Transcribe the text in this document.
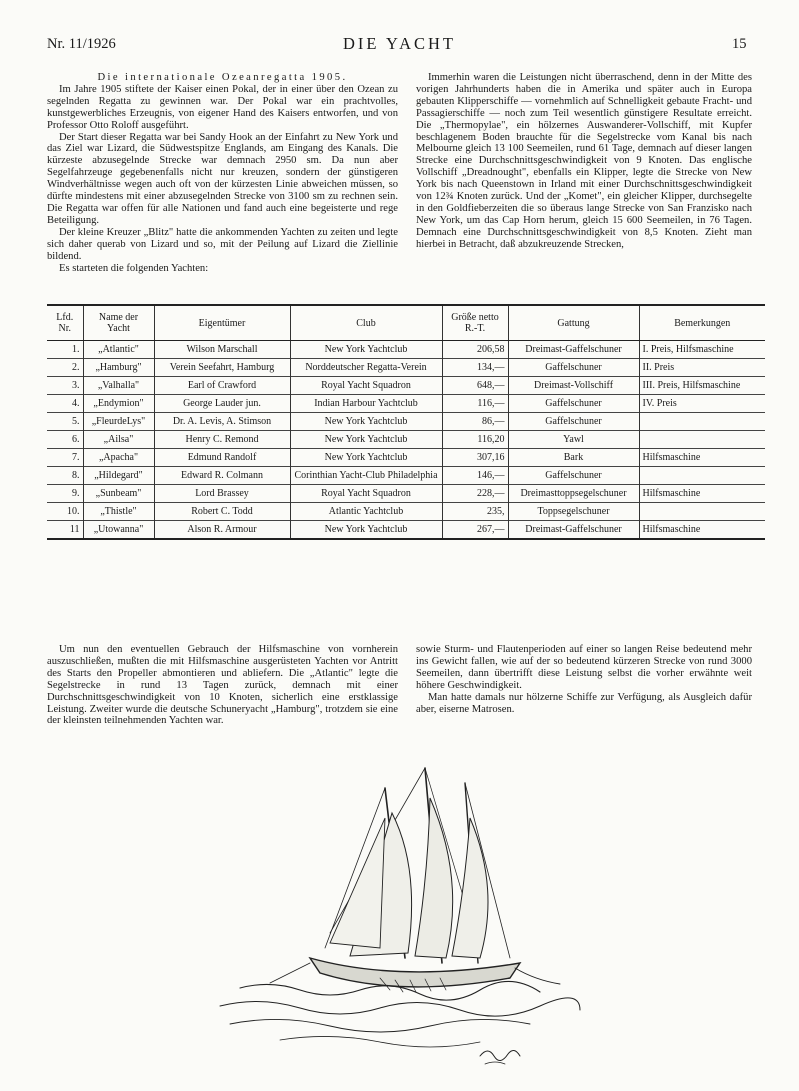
Nr. 11/1926	DIE YACHT	15
Die internationale Ozeanregatta 1905.

Im Jahre 1905 stiftete der Kaiser einen Pokal, der in einer über den Ozean zu segelnden Regatta zu gewinnen war. Der Pokal war ein prachtvolles, kunstgewerbliches Erzeugnis, von eigener Hand des Kaisers entworfen, und von Professor Otto Roloff ausgeführt.

Der Start dieser Regatta war bei Sandy Hook an der Einfahrt zu New York und das Ziel war Lizard, die Südwestspitze Englands, am Eingang des Kanals. Die kürzeste abzusegelnde Strecke war demnach 2950 sm. Da nun aber Segelfahrzeuge gegebenenfalls nicht nur kreuzen, sondern der günstigeren Windverhältnisse wegen auch oft von der kürzesten Linie abweichen müssen, so dürfte mindestens mit einer abzusegelnden Strecke von 3100 sm zu rechnen sein. Die Regatta war offen für alle Nationen und fand auch eine begeisterte und rege Beteiligung.

Der kleine Kreuzer „Blitz" hatte die ankommenden Yachten zu zeiten und legte sich daher querab von Lizard und so, mit der Peilung auf Lizard die Ziellinie bildend.

Es starteten die folgenden Yachten:

Immerhin waren die Leistungen nicht überraschend, denn in der Mitte des vorigen Jahrhunderts haben die in Amerika und später auch in Europa gebauten Klipperschiffe — vornehmlich auf Schnelligkeit gebaute Fracht- und Passagierschiffe — noch zum Teil wesentlich günstigere Resultate erreicht. Die „Thermopylae", ein hölzernes Auswanderer-Vollschiff, mit Kupfer beschlagenem Boden brauchte für die Segelstrecke vom Kanal bis nach Melbourne gleich 13 100 Seemeilen, rund 61 Tage, demnach auf dieser langen Strecke eine Durchschnittsgeschwindigkeit von 9 Knoten. Das englische Vollschiff „Dreadnought", ebenfalls ein Klipper, legte die Strecke von New York bis nach Queenstown in Irland mit einer Durchschnittsgeschwindigkeit von 12¾ Knoten zurück. Und der „Komet", ein gleicher Klipper, durchsegelte in den Goldfieberzeiten die so überaus lange Strecke von San Franzisko nach New York, um das Cap Horn herum, gleich 15 600 Seemeilen, in 76 Tagen. Demnach eine Durchschnittsgeschwindigkeit von 8,5 Knoten. Zieht man hierbei in Betracht, daß abzukreuzende Strecken,

Lfd. Nr.	Name der Yacht	Eigentümer	Club	Größe netto R.-T.	Gattung	Bemerkungen
1.	„Atlantic"	Wilson Marschall	New York Yachtclub	206,58	Dreimast-Gaffelschuner	I. Preis, Hilfsmaschine
2.	„Hamburg"	Verein Seefahrt, Hamburg	Norddeutscher Regatta-Verein	134,—	Gaffelschuner	II. Preis
3.	„Valhalla"	Earl of Crawford	Royal Yacht Squadron	648,—	Dreimast-Vollschiff	III. Preis, Hilfsmaschine
4.	„Endymion"	George Lauder jun.	Indian Harbour Yachtclub	116,—	Gaffelschuner	IV. Preis
5.	„FleurdeLys"	Dr. A. Levis, A. Stimson	New York Yachtclub	86,—	Gaffelschuner	
6.	„Ailsa"	Henry C. Remond	New York Yachtclub	116,20	Yawl	
7.	„Apacha"	Edmund Randolf	New York Yachtclub	307,16	Bark	Hilfsmaschine
8.	„Hildegard"	Edward R. Colmann	Corinthian Yacht-Club Philadelphia	146,—	Gaffelschuner	
9.	„Sunbeam"	Lord Brassey	Royal Yacht Squadron	228,—	Dreimasttoppsegelschuner	Hilfsmaschine
10.	„Thistle"	Robert C. Todd	Atlantic Yachtclub	235,	Toppsegelschuner	
11	„Utowanna"	Alson R. Armour	New York Yachtclub	267,—	Dreimast-Gaffelschuner	Hilfsmaschine

Um nun den eventuellen Gebrauch der Hilfsmaschine von vornherein auszuschließen, mußten die mit Hilfsmaschine ausgerüsteten Yachten vor Antritt des Starts den Propeller abmontieren und abliefern. Die „Atlantic" legte die Segelstrecke in rund 13 Tagen zurück, demnach mit einer Durchschnittsgeschwindigkeit von 10 Knoten, sicherlich eine erstklassige Leistung. Zweiter wurde die deutsche Schuneryacht „Hamburg", trotzdem sie eine der kleinsten teilnehmenden Yachten war.

sowie Sturm- und Flautenperioden auf einer so langen Reise bedeutend mehr ins Gewicht fallen, wie auf der so bedeutend kürzeren Strecke von rund 3000 Seemeilen, dann übertrifft diese Leistung selbst die vorher erwähnte weit höhere Geschwindigkeit.

Man hatte damals nur hölzerne Schiffe zur Verfügung, als Ausgleich dafür aber, eiserne Matrosen.
